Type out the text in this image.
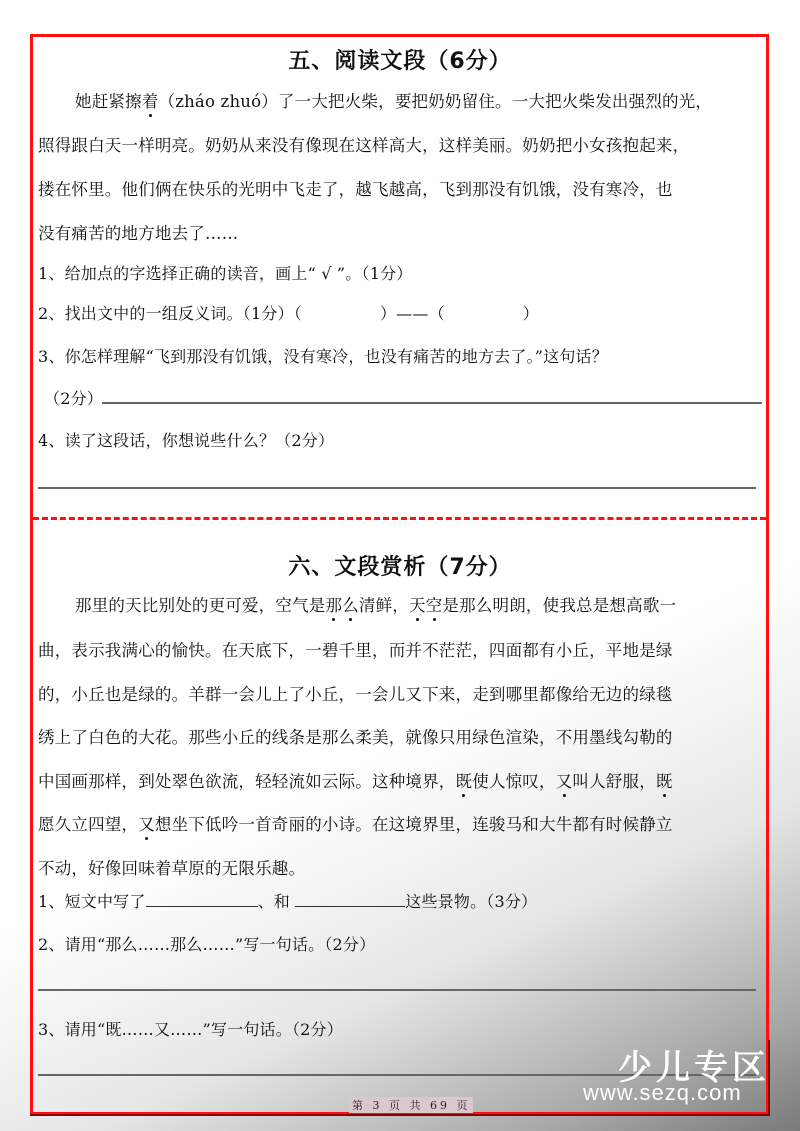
五、阅读文段（6分）
她赶紧擦着（zháo zhuó）了一大把火柴，要把奶奶留住。一大把火柴发出强烈的光，
照得跟白天一样明亮。奶奶从来没有像现在这样高大，这样美丽。奶奶把小女孩抱起来，
搂在怀里。他们俩在快乐的光明中飞走了，越飞越高，飞到那没有饥饿，没有寒冷，也
没有痛苦的地方地去了……
1、给加点的字选择正确的读音，画上“ √ ”。（1分）
2、找出文中的一组反义词。（1分）（	）——（	）
3、你怎样理解“飞到那没有饥饿，没有寒冷，也没有痛苦的地方去了。”这句话？
（2分）
4、读了这段话，你想说些什么？（2分）
六、文段赏析（7分）
那里的天比别处的更可爱，空气是那么清鲜，天空是那么明朗，使我总是想高歌一
曲，表示我满心的愉快。在天底下，一碧千里，而并不茫茫，四面都有小丘，平地是绿
的，小丘也是绿的。羊群一会儿上了小丘，一会儿又下来，走到哪里都像给无边的绿毯
绣上了白色的大花。那些小丘的线条是那么柔美，就像只用绿色渲染，不用墨线勾勒的
中国画那样，到处翠色欲流，轻轻流如云际。这种境界，既使人惊叹，又叫人舒服，既
愿久立四望，又想坐下低吟一首奇丽的小诗。在这境界里，连骏马和大牛都有时候静立
不动，好像回味着草原的无限乐趣。
1、短文中写了	、和	这些景物。（3分）
2、请用“那么……那么……”写一句话。（2分）
3、请用“既……又……”写一句话。（2分）
第 3 页 共 69 页
少儿专区
www.sezq.com
